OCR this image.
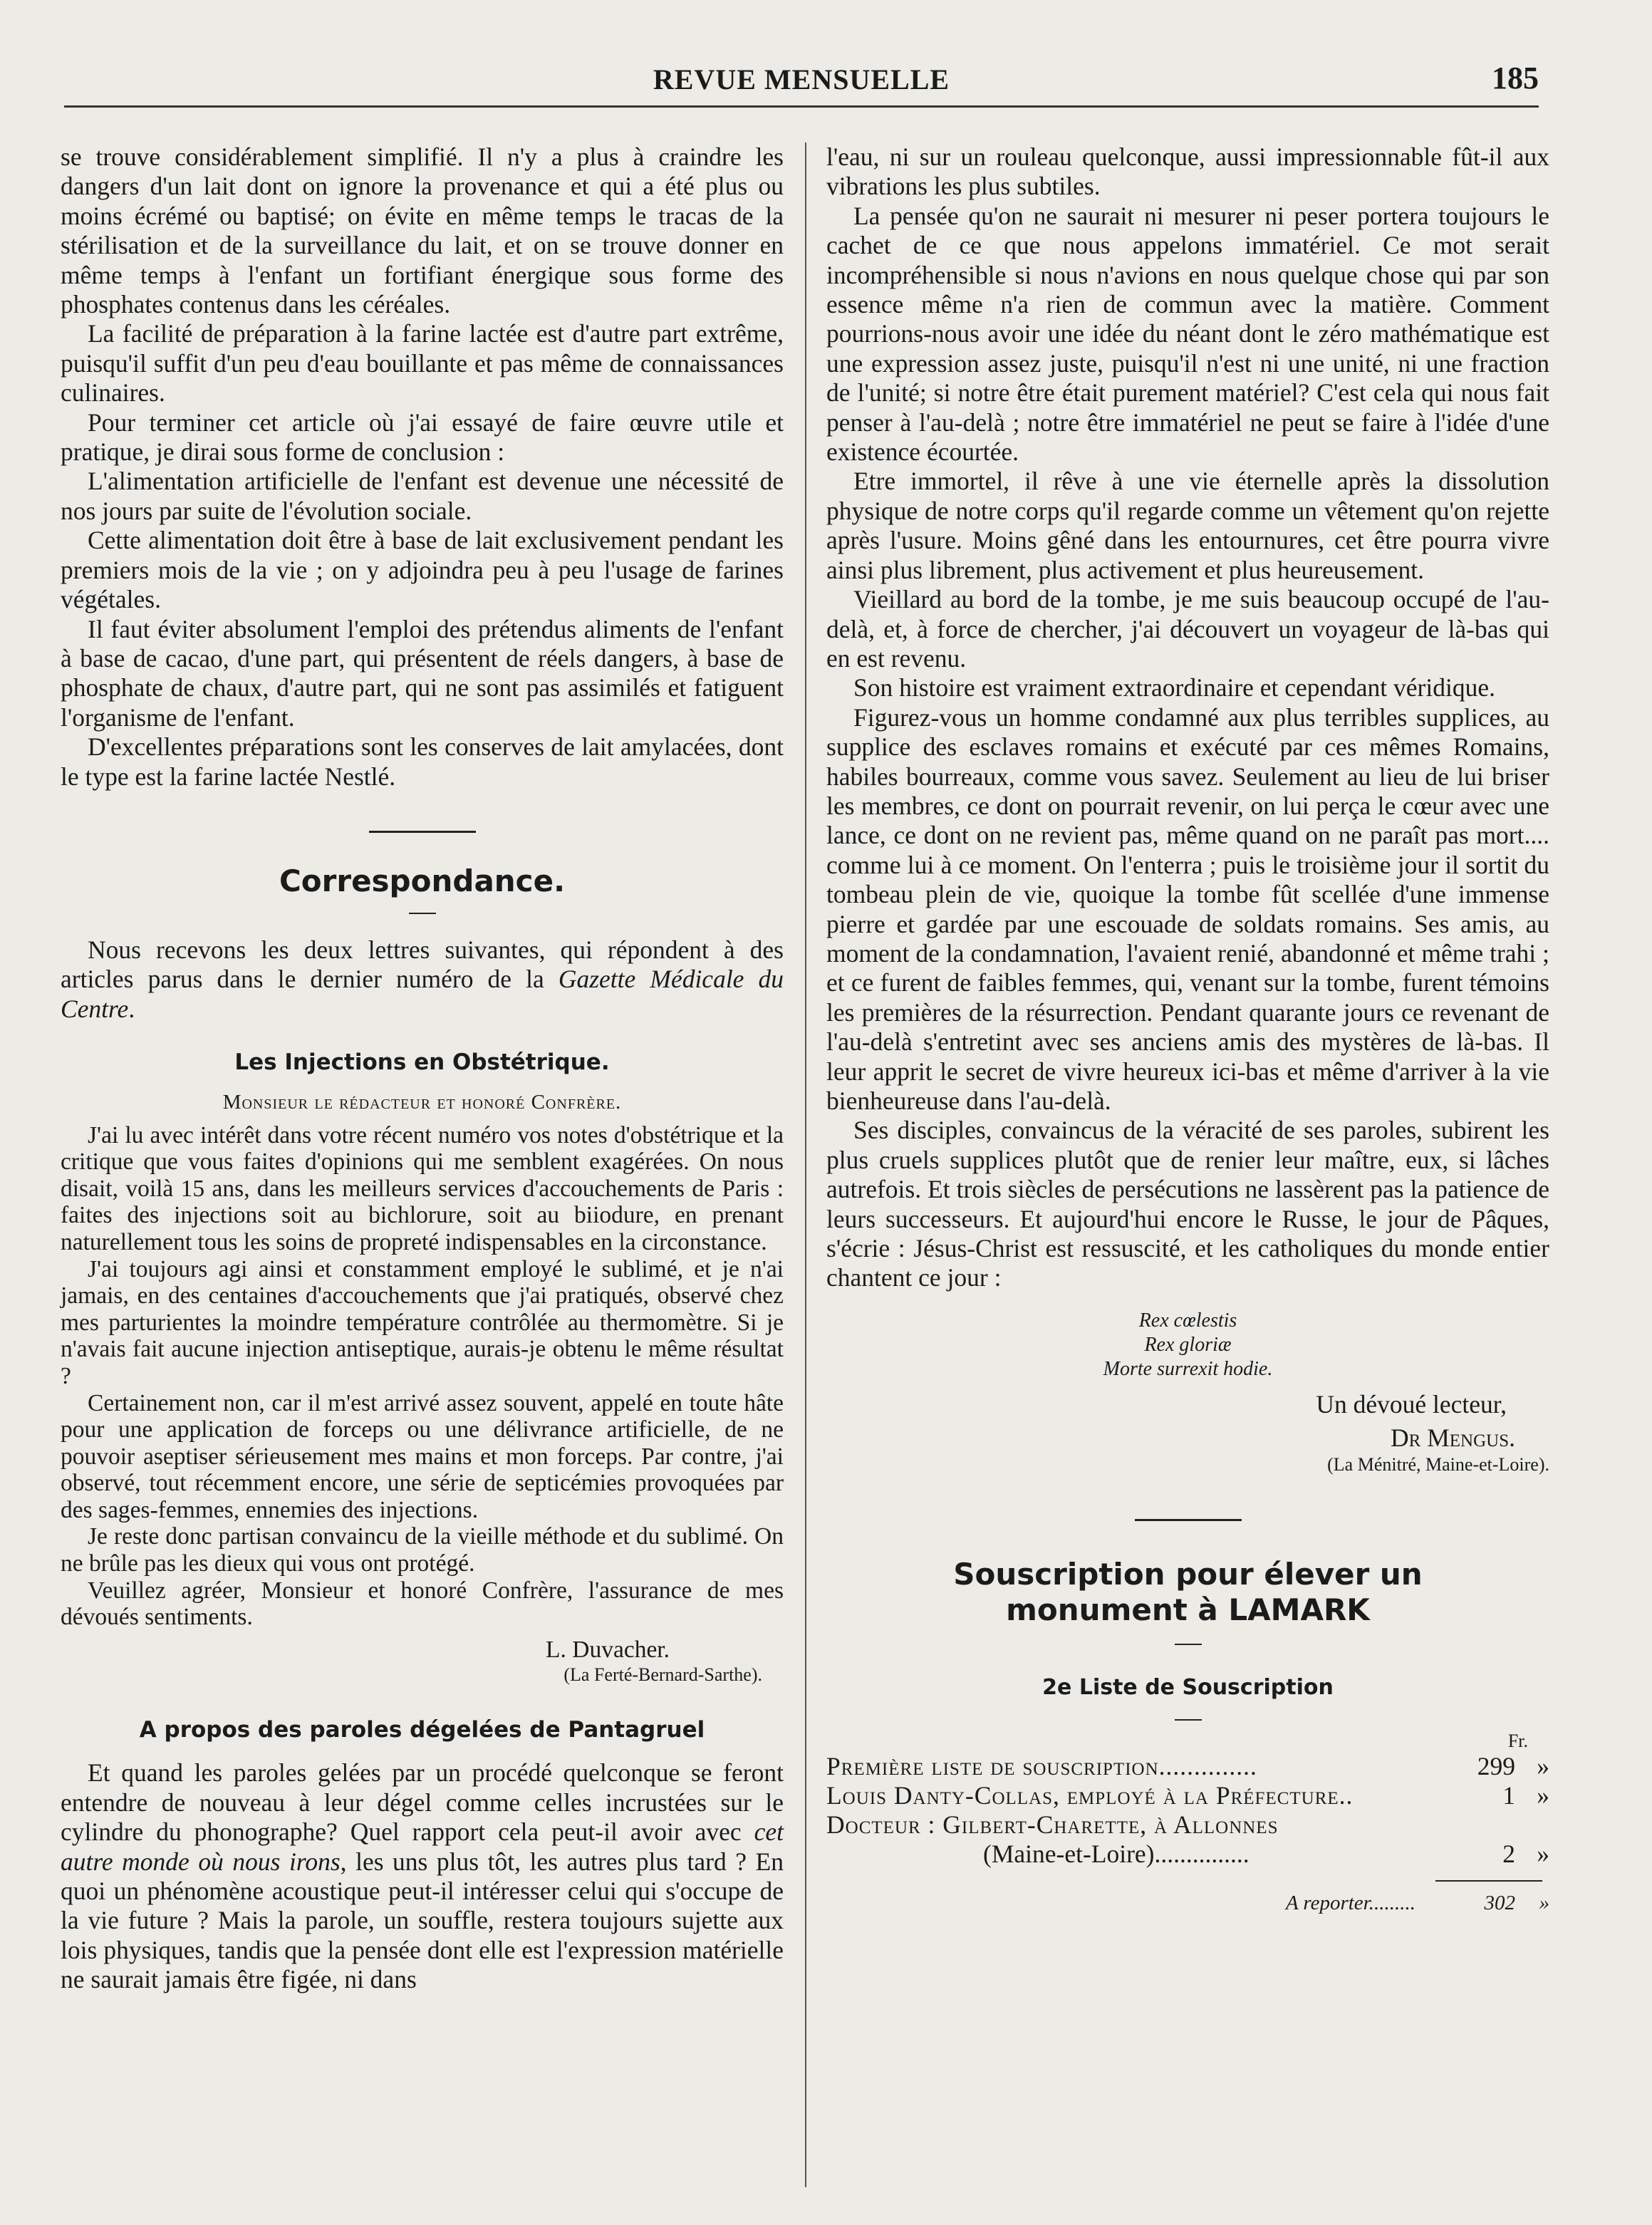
REVUE MENSUELLE	185

se trouve considérablement simplifié. Il n'y a plus à craindre les dangers d'un lait dont on ignore la provenance et qui a été plus ou moins écrémé ou baptisé; on évite en même temps le tracas de la stérilisation et de la surveillance du lait, et on se trouve donner en même temps à l'enfant un fortifiant énergique sous forme des phosphates contenus dans les céréales.

La facilité de préparation à la farine lactée est d'autre part extrême, puisqu'il suffit d'un peu d'eau bouillante et pas même de connaissances culinaires.

Pour terminer cet article où j'ai essayé de faire œuvre utile et pratique, je dirai sous forme de conclusion :

L'alimentation artificielle de l'enfant est devenue une nécessité de nos jours par suite de l'évolution sociale.

Cette alimentation doit être à base de lait exclusivement pendant les premiers mois de la vie ; on y adjoindra peu à peu l'usage de farines végétales.

Il faut éviter absolument l'emploi des prétendus aliments de l'enfant à base de cacao, d'une part, qui présentent de réels dangers, à base de phosphate de chaux, d'autre part, qui ne sont pas assimilés et fatiguent l'organisme de l'enfant.

D'excellentes préparations sont les conserves de lait amylacées, dont le type est la farine lactée Nestlé.

Correspondance.

Nous recevons les deux lettres suivantes, qui répondent à des articles parus dans le dernier numéro de la Gazette Médicale du Centre.

Les Injections en Obstétrique.
Monsieur le rédacteur et honoré Confrère.

J'ai lu avec intérêt dans votre récent numéro vos notes d'obstétrique et la critique que vous faites d'opinions qui me semblent exagérées. On nous disait, voilà 15 ans, dans les meilleurs services d'accouchements de Paris : faites des injections soit au bichlorure, soit au biiodure, en prenant naturellement tous les soins de propreté indispensables en la circonstance.

J'ai toujours agi ainsi et constamment employé le sublimé, et je n'ai jamais, en des centaines d'accouchements que j'ai pratiqués, observé chez mes parturientes la moindre température contrôlée au thermomètre. Si je n'avais fait aucune injection antiseptique, aurais-je obtenu le même résultat ?

Certainement non, car il m'est arrivé assez souvent, appelé en toute hâte pour une application de forceps ou une délivrance artificielle, de ne pouvoir aseptiser sérieusement mes mains et mon forceps. Par contre, j'ai observé, tout récemment encore, une série de septicémies provoquées par des sages-femmes, ennemies des injections.

Je reste donc partisan convaincu de la vieille méthode et du sublimé. On ne brûle pas les dieux qui vous ont protégé.

Veuillez agréer, Monsieur et honoré Confrère, l'assurance de mes dévoués sentiments.

L. Duvacher.
(La Ferté-Bernard-Sarthe).
A propos des paroles dégelées de Pantagruel

Et quand les paroles gelées par un procédé quelconque se feront entendre de nouveau à leur dégel comme celles incrustées sur le cylindre du phonographe? Quel rapport cela peut-il avoir avec cet autre monde où nous irons, les uns plus tôt, les autres plus tard ? En quoi un phénomène acoustique peut-il intéresser celui qui s'occupe de la vie future ? Mais la parole, un souffle, restera toujours sujette aux lois physiques, tandis que la pensée dont elle est l'expression matérielle ne saurait jamais être figée, ni dans

l'eau, ni sur un rouleau quelconque, aussi impressionnable fût-il aux vibrations les plus subtiles.

La pensée qu'on ne saurait ni mesurer ni peser portera toujours le cachet de ce que nous appelons immatériel. Ce mot serait incompréhensible si nous n'avions en nous quelque chose qui par son essence même n'a rien de commun avec la matière. Comment pourrions-nous avoir une idée du néant dont le zéro mathématique est une expression assez juste, puisqu'il n'est ni une unité, ni une fraction de l'unité; si notre être était purement matériel? C'est cela qui nous fait penser à l'au-delà ; notre être immatériel ne peut se faire à l'idée d'une existence écourtée.

Etre immortel, il rêve à une vie éternelle après la dissolution physique de notre corps qu'il regarde comme un vêtement qu'on rejette après l'usure. Moins gêné dans les entournures, cet être pourra vivre ainsi plus librement, plus activement et plus heureusement.

Vieillard au bord de la tombe, je me suis beaucoup occupé de l'au-delà, et, à force de chercher, j'ai découvert un voyageur de là-bas qui en est revenu.

Son histoire est vraiment extraordinaire et cependant véridique.

Figurez-vous un homme condamné aux plus terribles supplices, au supplice des esclaves romains et exécuté par ces mêmes Romains, habiles bourreaux, comme vous savez. Seulement au lieu de lui briser les membres, ce dont on pourrait revenir, on lui perça le cœur avec une lance, ce dont on ne revient pas, même quand on ne paraît pas mort.... comme lui à ce moment. On l'enterra ; puis le troisième jour il sortit du tombeau plein de vie, quoique la tombe fût scellée d'une immense pierre et gardée par une escouade de soldats romains. Ses amis, au moment de la condamnation, l'avaient renié, abandonné et même trahi ; et ce furent de faibles femmes, qui, venant sur la tombe, furent témoins les premières de la résurrection. Pendant quarante jours ce revenant de l'au-delà s'entretint avec ses anciens amis des mystères de là-bas. Il leur apprit le secret de vivre heureux ici-bas et même d'arriver à la vie bienheureuse dans l'au-delà.

Ses disciples, convaincus de la véracité de ses paroles, subirent les plus cruels supplices plutôt que de renier leur maître, eux, si lâches autrefois. Et trois siècles de persécutions ne lassèrent pas la patience de leurs successeurs. Et aujourd'hui encore le Russe, le jour de Pâques, s'écrie : Jésus-Christ est ressuscité, et les catholiques du monde entier chantent ce jour :

Rex cœlestis
Rex gloriæ
Morte surrexit hodie.
Un dévoué lecteur,
Dr Mengus.
(La Ménitré, Maine-et-Loire).
Souscription pour élever un
monument à LAMARK
2e Liste de Souscription
Fr.
Première liste de souscription..............	299 »
Louis Danty-Collas, employé à la Préfecture..	1 »
Docteur : Gilbert-Charette, à Allonnes
(Maine-et-Loire)...............	2 »
A reporter.........	302	»
